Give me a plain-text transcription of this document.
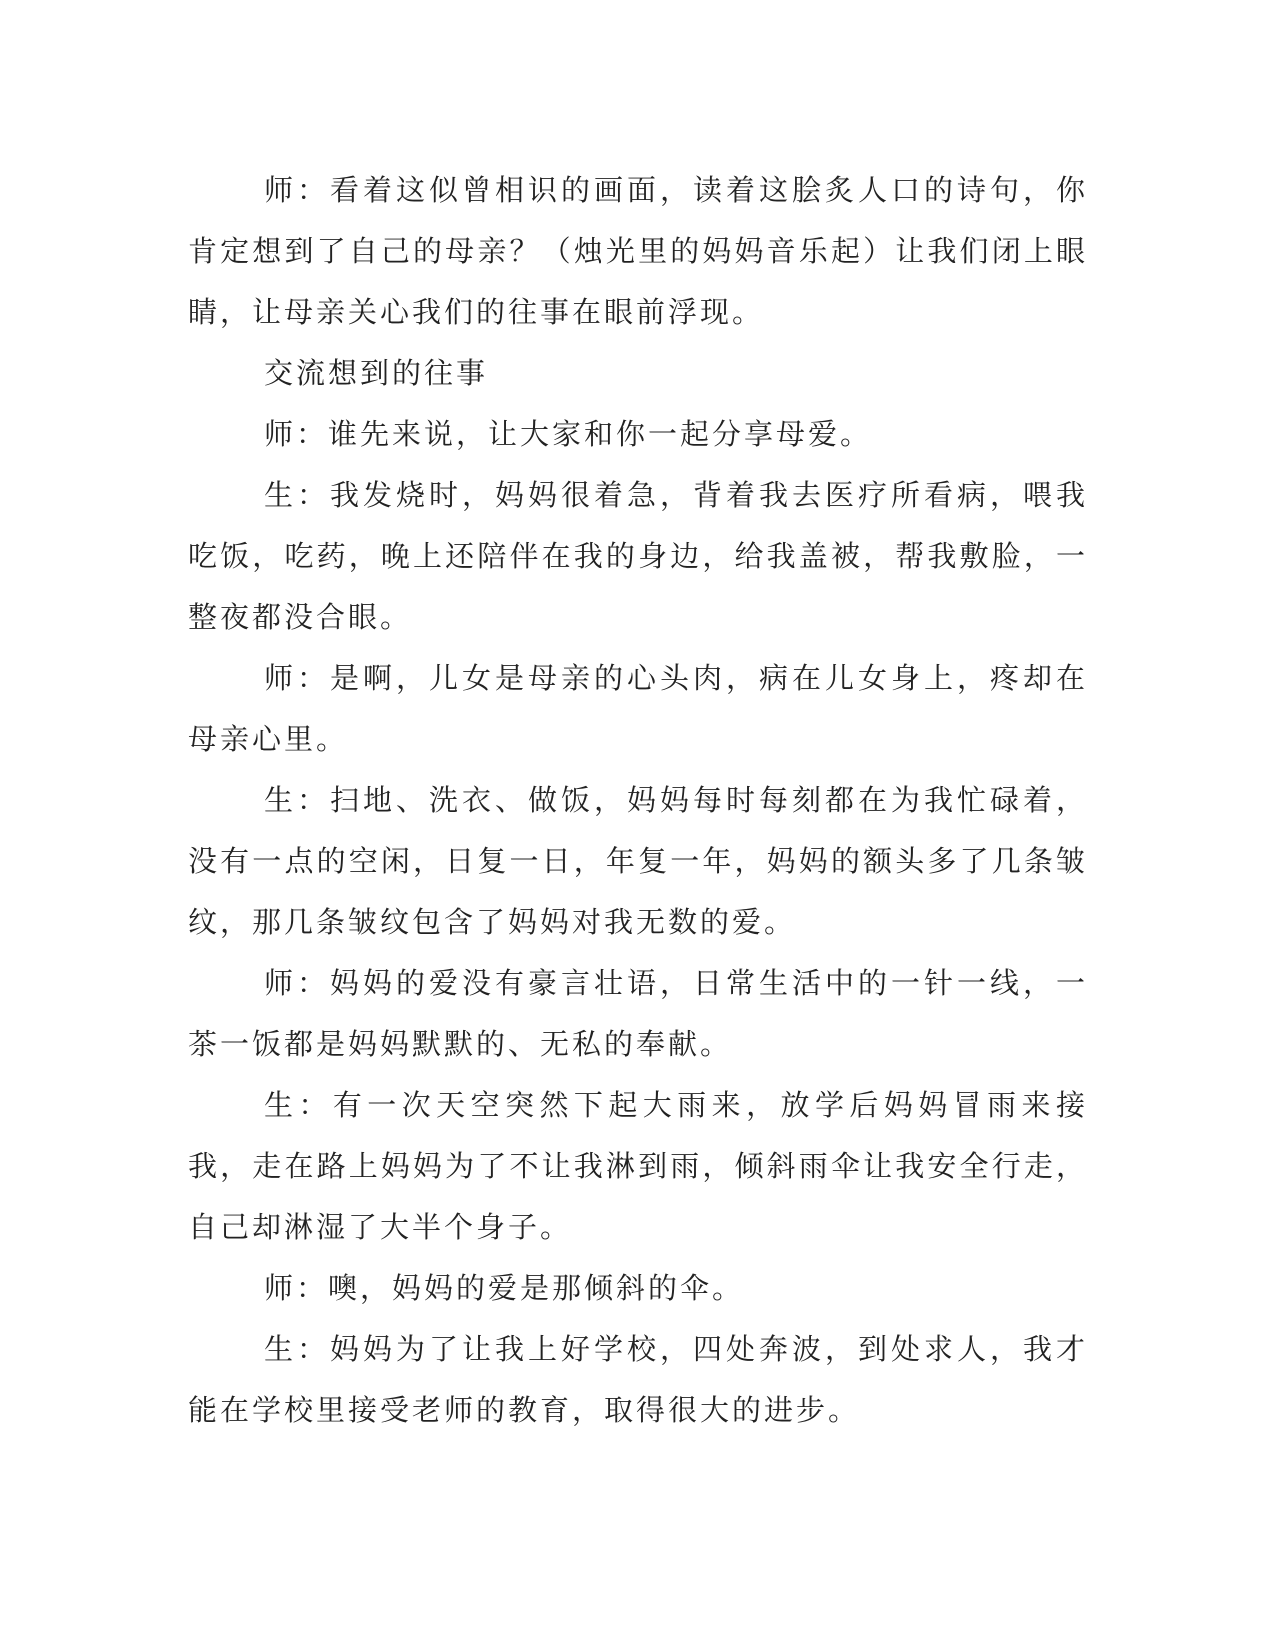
师：看着这似曾相识的画面，读着这脍炙人口的诗句，你肯定想到了自己的母亲？（烛光里的妈妈音乐起）让我们闭上眼睛，让母亲关心我们的往事在眼前浮现。

交流想到的往事

师：谁先来说，让大家和你一起分享母爱。

生：我发烧时，妈妈很着急，背着我去医疗所看病，喂我吃饭，吃药，晚上还陪伴在我的身边，给我盖被，帮我敷脸，一整夜都没合眼。

师：是啊，儿女是母亲的心头肉，病在儿女身上，疼却在母亲心里。

生：扫地、洗衣、做饭，妈妈每时每刻都在为我忙碌着，没有一点的空闲，日复一日，年复一年，妈妈的额头多了几条皱纹，那几条皱纹包含了妈妈对我无数的爱。

师：妈妈的爱没有豪言壮语，日常生活中的一针一线，一茶一饭都是妈妈默默的、无私的奉献。

生：有一次天空突然下起大雨来，放学后妈妈冒雨来接我，走在路上妈妈为了不让我淋到雨，倾斜雨伞让我安全行走，自己却淋湿了大半个身子。

师：噢，妈妈的爱是那倾斜的伞。

生：妈妈为了让我上好学校，四处奔波，到处求人，我才能在学校里接受老师的教育，取得很大的进步。
